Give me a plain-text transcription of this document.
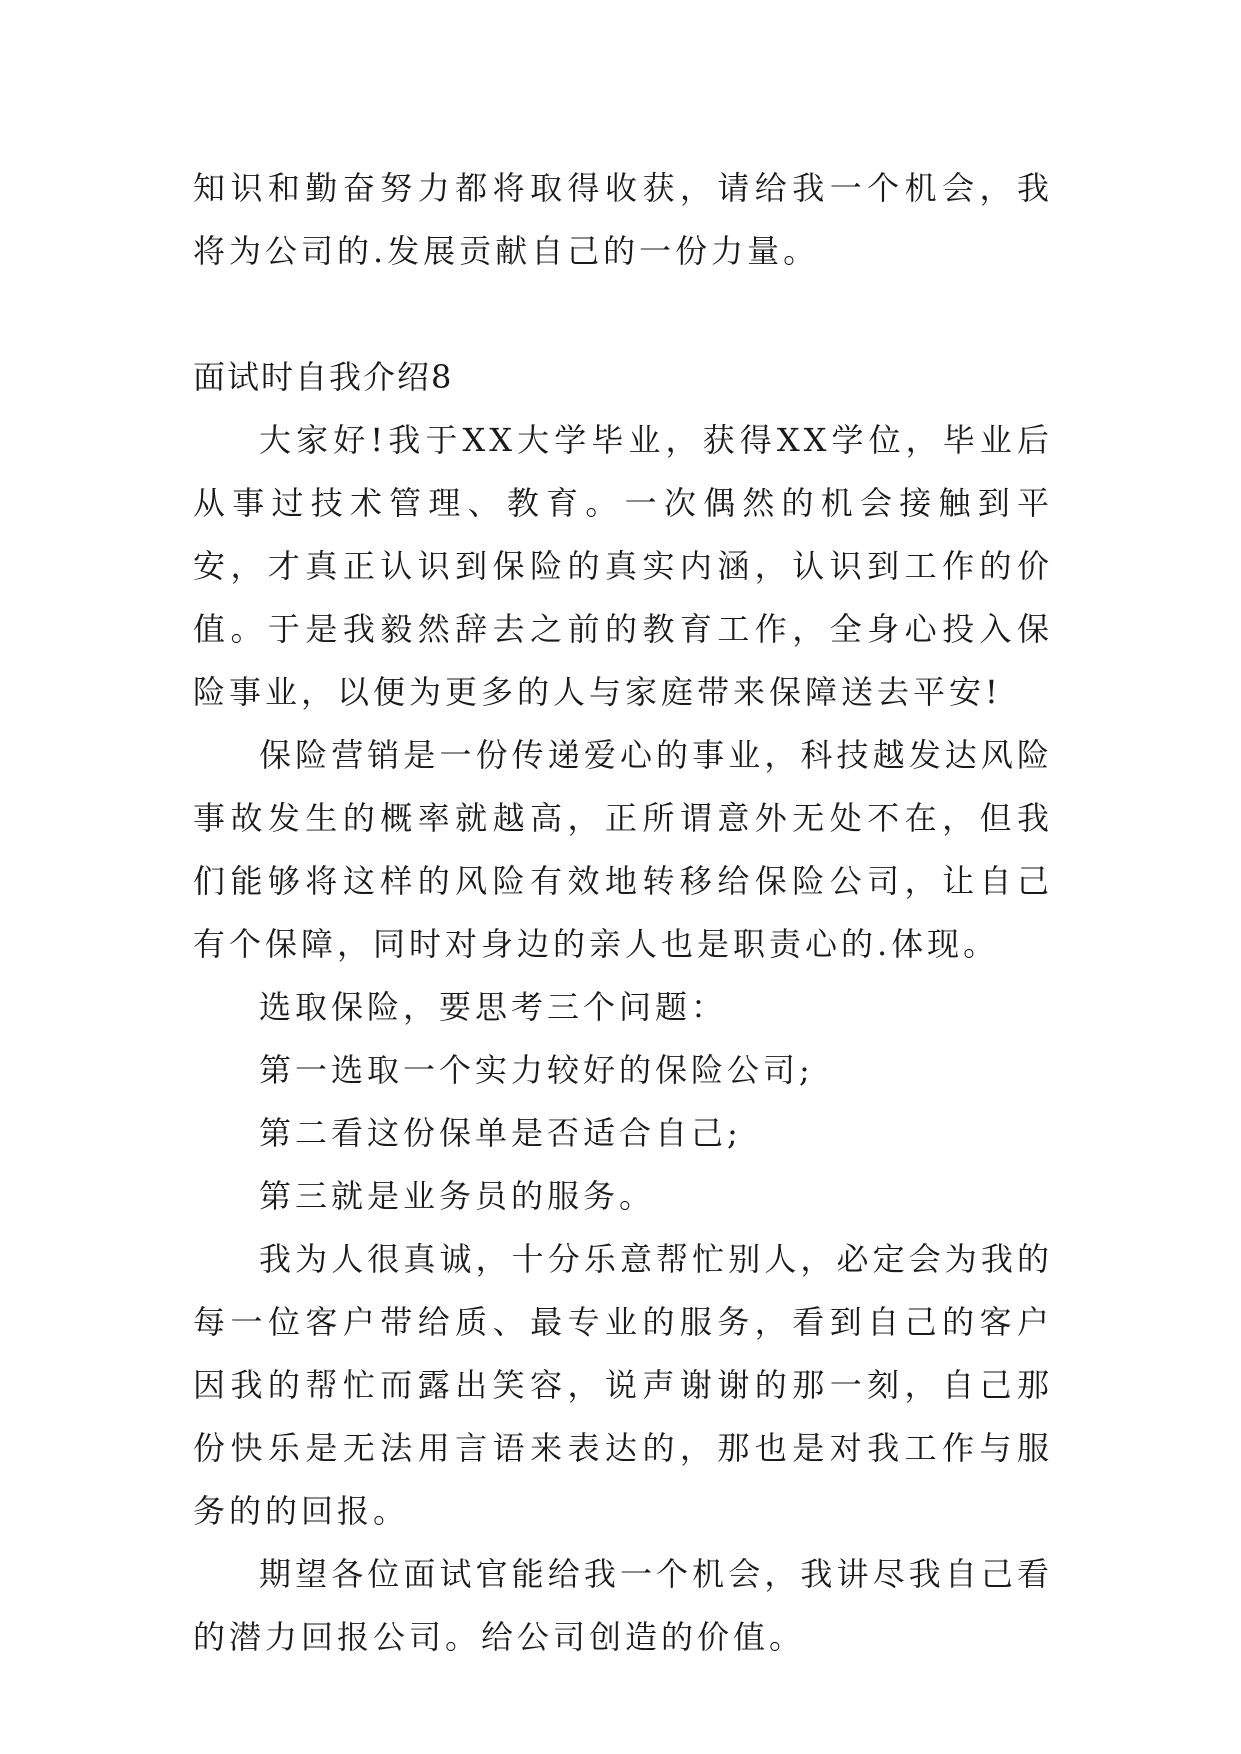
知识和勤奋努力都将取得收获，请给我一个机会，我将为公司的.发展贡献自己的一份力量。

面试时自我介绍8

大家好!我于XX大学毕业，获得XX学位，毕业后从事过技术管理、教育。一次偶然的机会接触到平安，才真正认识到保险的真实内涵，认识到工作的价值。于是我毅然辞去之前的教育工作，全身心投入保险事业，以便为更多的人与家庭带来保障送去平安!

保险营销是一份传递爱心的事业，科技越发达风险事故发生的概率就越高，正所谓意外无处不在，但我们能够将这样的风险有效地转移给保险公司，让自己有个保障，同时对身边的亲人也是职责心的.体现。

选取保险，要思考三个问题：

第一选取一个实力较好的保险公司;

第二看这份保单是否适合自己;

第三就是业务员的服务。

我为人很真诚，十分乐意帮忙别人，必定会为我的每一位客户带给质、最专业的服务，看到自己的客户因我的帮忙而露出笑容，说声谢谢的那一刻，自己那份快乐是无法用言语来表达的，那也是对我工作与服务的的回报。

期望各位面试官能给我一个机会，我讲尽我自己看的潜力回报公司。给公司创造的价值。
